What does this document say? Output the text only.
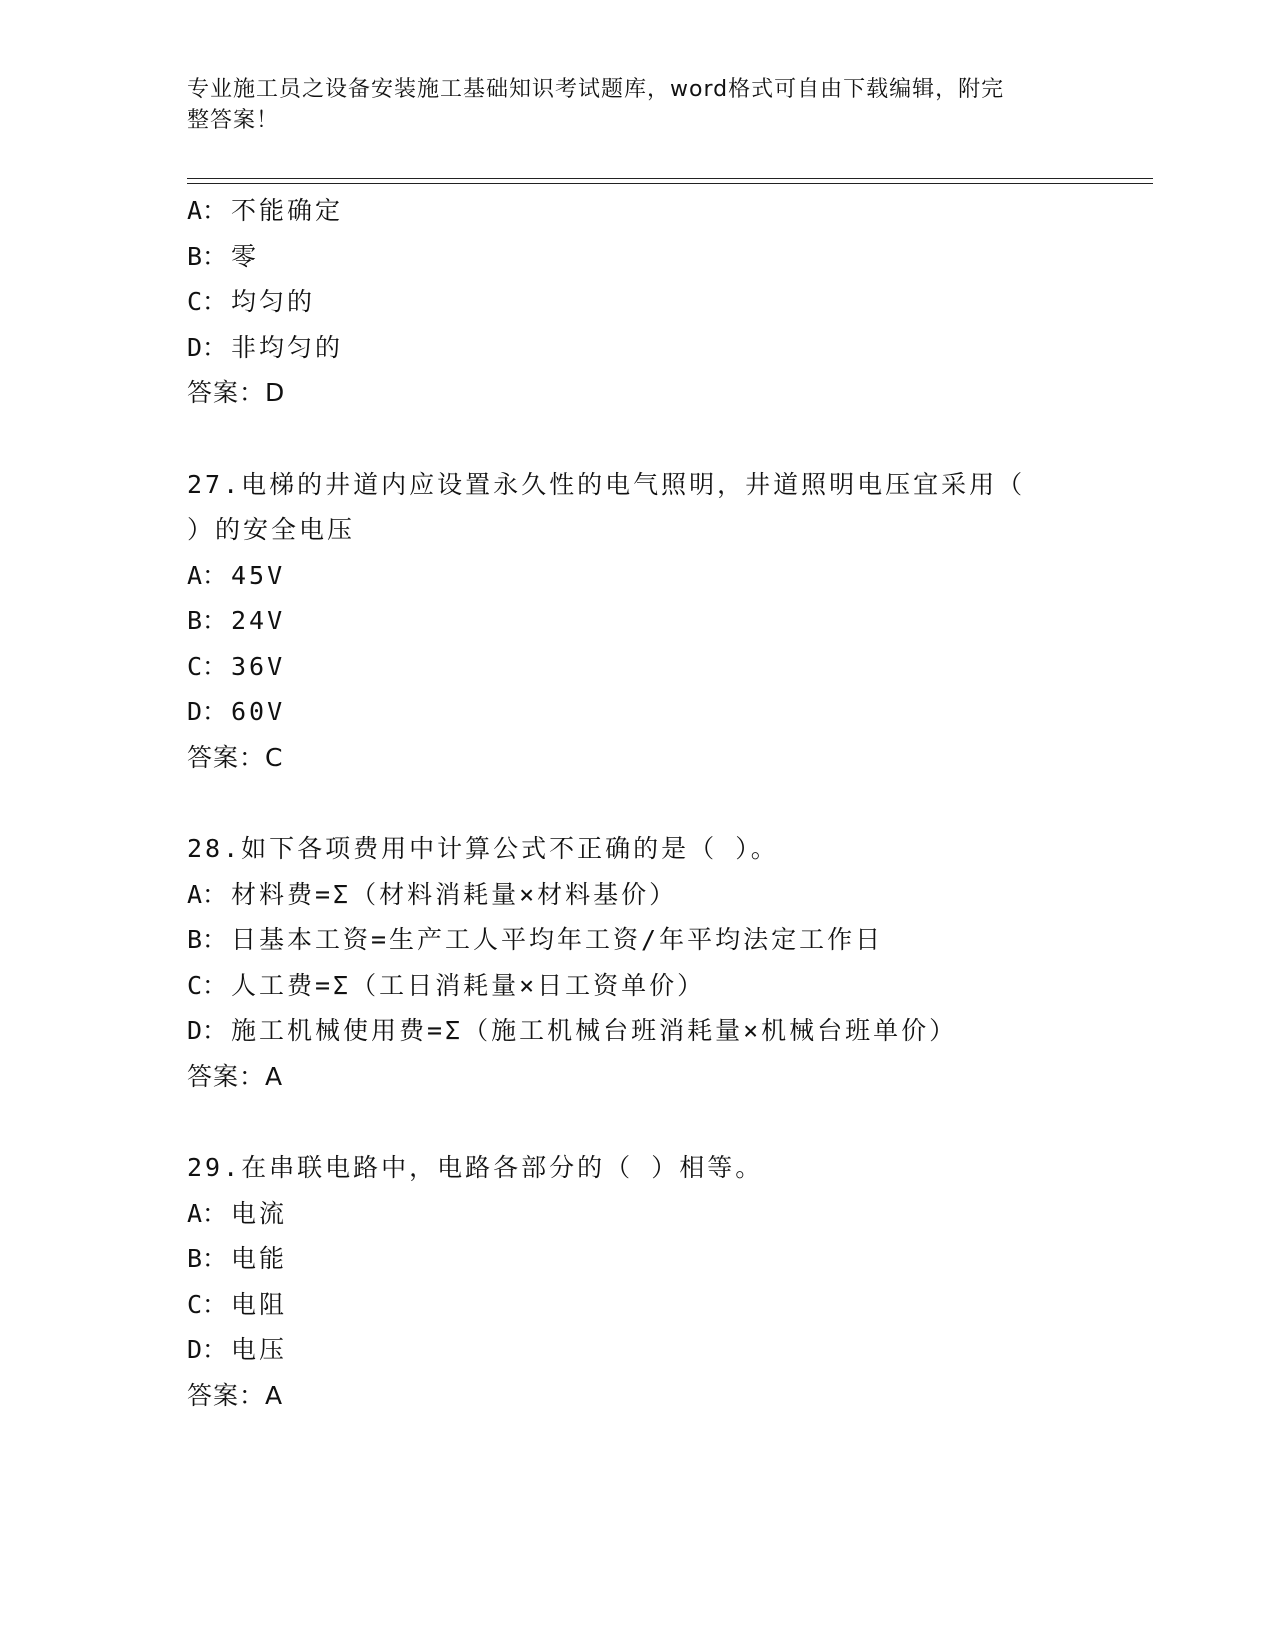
专业施工员之设备安装施工基础知识考试题库，word格式可自由下载编辑，附完
整答案！
A： 不能确定
B： 零
C： 均匀的
D： 非均匀的
答案：D
27.电梯的井道内应设置永久性的电气照明，井道照明电压宜采用（
）的安全电压
A： 45V
B： 24V
C： 36V
D： 60V
答案：C
28.如下各项费用中计算公式不正确的是（ ）。
A： 材料费=Σ（材料消耗量×材料基价）
B： 日基本工资=生产工人平均年工资/年平均法定工作日
C： 人工费=Σ（工日消耗量×日工资单价）
D： 施工机械使用费=Σ（施工机械台班消耗量×机械台班单价）
答案：A
29.在串联电路中，电路各部分的（ ）相等。
A： 电流
B： 电能
C： 电阻
D： 电压
答案：A
